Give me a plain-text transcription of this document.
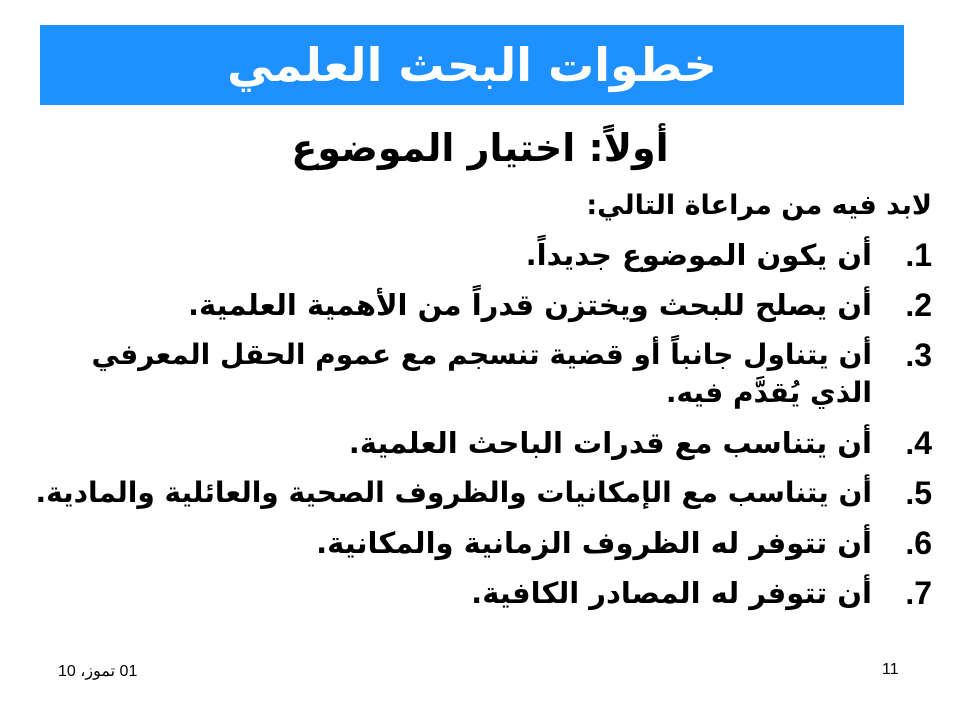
خطوات البحث العلمي
أولاً: اختيار الموضوع
لابد فيه من مراعاة التالي:
1.
أن يكون الموضوع جديداً.
2.
أن يصلح للبحث ويختزن قدراً من الأهمية العلمية.
3.
أن يتناول جانباً أو قضية تنسجم مع عموم الحقل المعرفي الذي يُقدَّم فيه.
4.
أن يتناسب مع قدرات الباحث العلمية.
5.
أن يتناسب مع الإمكانيات والظروف الصحية والعائلية والمادية.
6.
أن تتوفر له الظروف الزمانية والمكانية.
7.
أن تتوفر له المصادر الكافية.
01 تموز، 10	11
